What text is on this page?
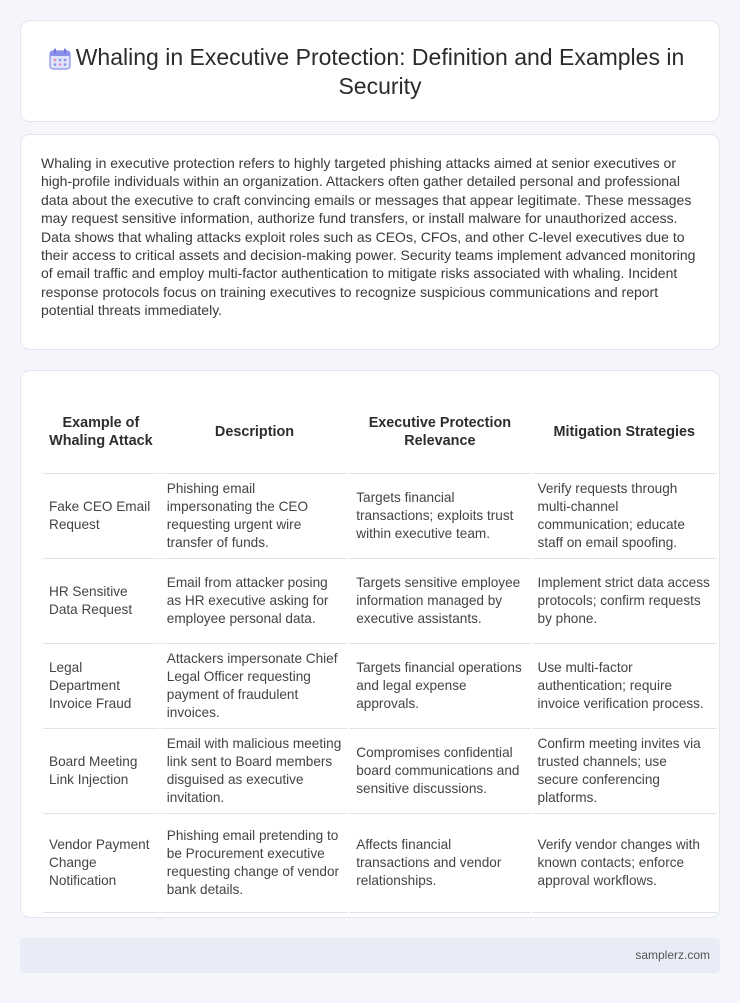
Whaling in Executive Protection: Definition and Examples in Security

Whaling in executive protection refers to highly targeted phishing attacks aimed at senior executives or high-profile individuals within an organization. Attackers often gather detailed personal and professional data about the executive to craft convincing emails or messages that appear legitimate. These messages may request sensitive information, authorize fund transfers, or install malware for unauthorized access. Data shows that whaling attacks exploit roles such as CEOs, CFOs, and other C-level executives due to their access to critical assets and decision-making power. Security teams implement advanced monitoring of email traffic and employ multi-factor authentication to mitigate risks associated with whaling. Incident response protocols focus on training executives to recognize suspicious communications and report potential threats immediately.

Example of Whaling Attack	Description	Executive Protection Relevance	Mitigation Strategies
Fake CEO Email Request	Phishing email impersonating the CEO requesting urgent wire transfer of funds.	Targets financial transactions; exploits trust within executive team.	Verify requests through multi-channel communication; educate staff on email spoofing.
HR Sensitive Data Request	Email from attacker posing as HR executive asking for employee personal data.	Targets sensitive employee information managed by executive assistants.	Implement strict data access protocols; confirm requests by phone.
Legal Department Invoice Fraud	Attackers impersonate Chief Legal Officer requesting payment of fraudulent invoices.	Targets financial operations and legal expense approvals.	Use multi-factor authentication; require invoice verification process.
Board Meeting Link Injection	Email with malicious meeting link sent to Board members disguised as executive invitation.	Compromises confidential board communications and sensitive discussions.	Confirm meeting invites via trusted channels; use secure conferencing platforms.
Vendor Payment Change Notification	Phishing email pretending to be Procurement executive requesting change of vendor bank details.	Affects financial transactions and vendor relationships.	Verify vendor changes with known contacts; enforce approval workflows.
samplerz.com
